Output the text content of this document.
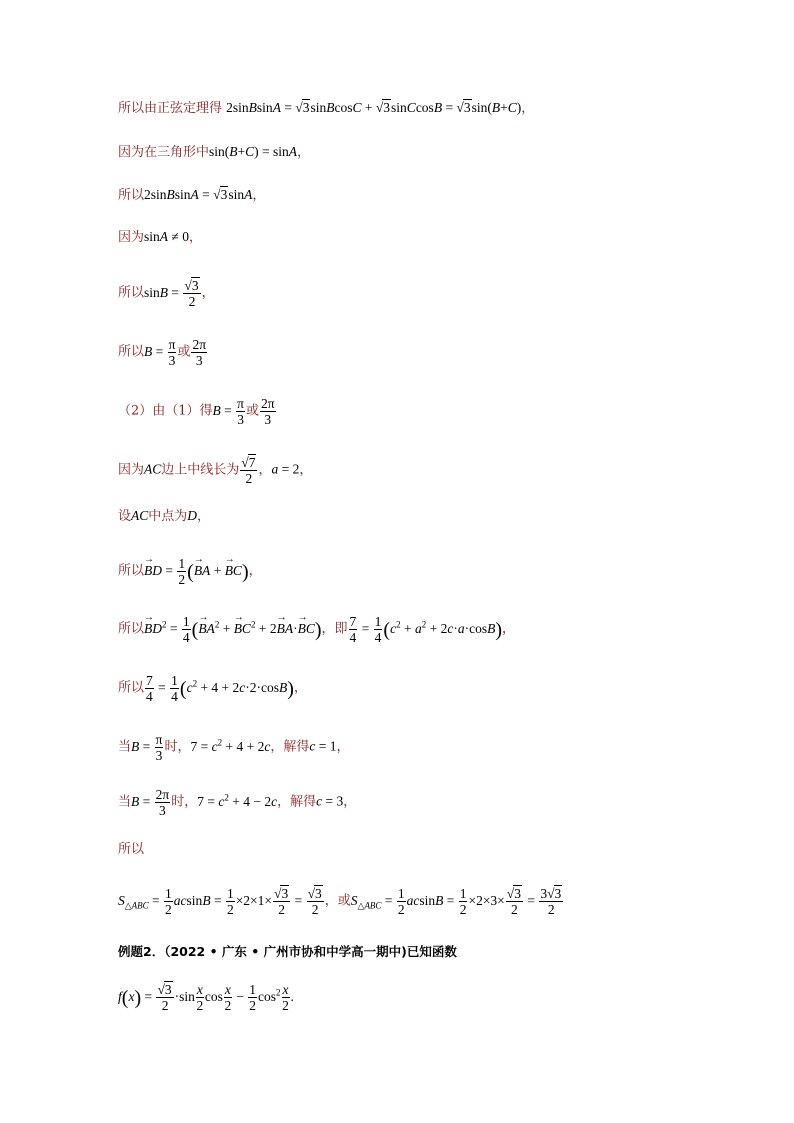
所以由正弦定理得 2sinBsinA = √3sinBcosC + √3sinCcosB = √3sin(B+C)，
因为在三角形中sin(B+C) = sinA，
所以2sinBsinA = √3sinA，
因为sinA ≠ 0，
所以$\sin B = \frac{√3}{2}$ ，
所以$B = \frac{\pi}{3}$ 或 $\frac{2\pi}{3}$
（2）由（1）得$B = \frac{\pi}{3}$ 或 $\frac{2\pi}{3}$
因为AC边上中线长为 $\frac{√7}{2}$ ，a = 2，
设AC中点为D，
所以→ BD = $\frac{1}{2}$ (→ BA + → BC)，
所以→ $BD^2 = \frac{1}{4}$ (→ $BA^2$ + → $BC^2 + 2\to BA\cdot\to BC$)，即 $\frac{7}{4} = \frac{1}{4} (c^2 + a^2 + 2c\cdot a\cdot\cos B)$，
所以 $\frac{7}{4} = \frac{1}{4} (c^2 + 4 + 2c\cdot 2\cdot\cos B)$，
当$B = \frac{\pi}{3}$ 时，$7 = c^2 + 4 + 2c$，解得c = 1，
当$B = \frac{2\pi}{3}$ 时，$7 = c^2 + 4 - 2c$，解得c = 3，
所以
$S_{\triangle ABC} = \frac{1}{2}$ $acsinB = \frac{1}{2} \times 2\times 1\times \frac{√3}{2} = \frac{√3}{2}$ ，或$S_{\triangle ABC} = \frac{1}{2}$ $acsinB = \frac{1}{2} \times 2\times 3\times \frac{√3}{2} = \frac{3√3}{2}$
例题2．（2022 • 广东 • 广州市协和中学高一期中)已知函数
$f(x) = \frac{√3}{2} \cdot\sin \frac{x}{2}$ $\cos \frac{x}{2} - \frac{1}{2} \cos^2 \frac{x}{2}$ .
